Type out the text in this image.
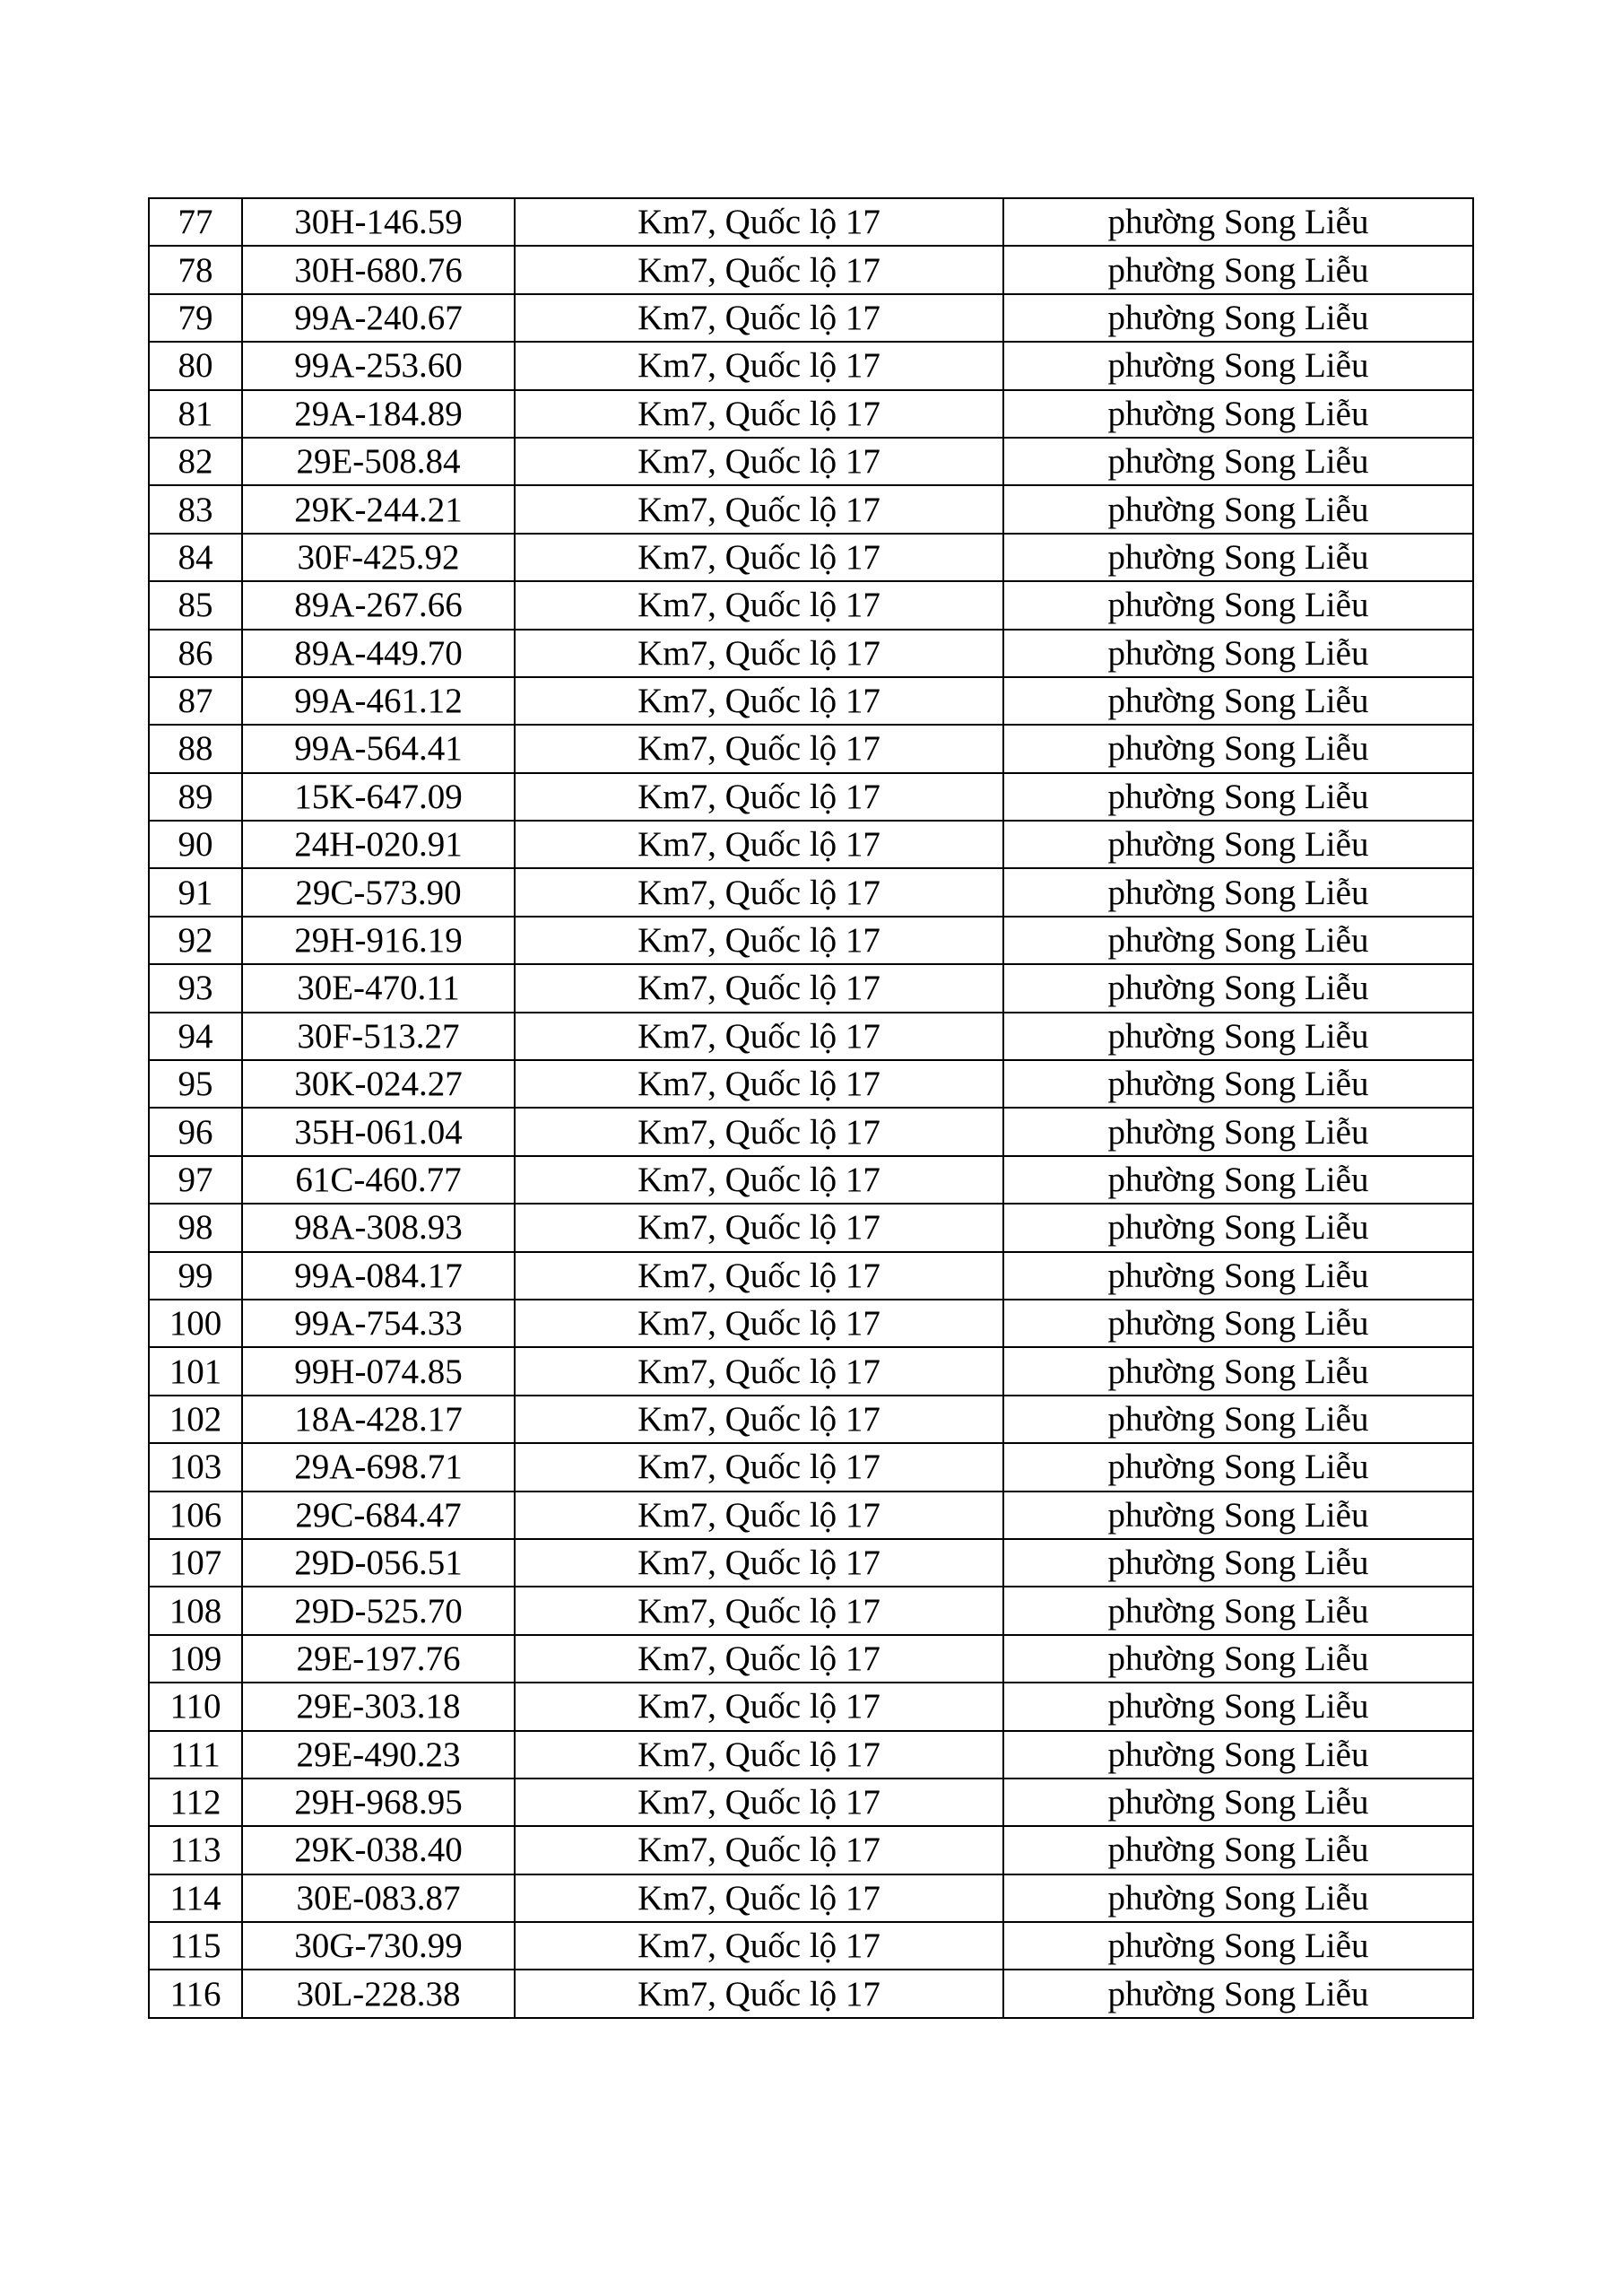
77	30H-146.59	Km7, Quốc lộ 17	phường Song Liễu
78	30H-680.76	Km7, Quốc lộ 17	phường Song Liễu
79	99A-240.67	Km7, Quốc lộ 17	phường Song Liễu
80	99A-253.60	Km7, Quốc lộ 17	phường Song Liễu
81	29A-184.89	Km7, Quốc lộ 17	phường Song Liễu
82	29E-508.84	Km7, Quốc lộ 17	phường Song Liễu
83	29K-244.21	Km7, Quốc lộ 17	phường Song Liễu
84	30F-425.92	Km7, Quốc lộ 17	phường Song Liễu
85	89A-267.66	Km7, Quốc lộ 17	phường Song Liễu
86	89A-449.70	Km7, Quốc lộ 17	phường Song Liễu
87	99A-461.12	Km7, Quốc lộ 17	phường Song Liễu
88	99A-564.41	Km7, Quốc lộ 17	phường Song Liễu
89	15K-647.09	Km7, Quốc lộ 17	phường Song Liễu
90	24H-020.91	Km7, Quốc lộ 17	phường Song Liễu
91	29C-573.90	Km7, Quốc lộ 17	phường Song Liễu
92	29H-916.19	Km7, Quốc lộ 17	phường Song Liễu
93	30E-470.11	Km7, Quốc lộ 17	phường Song Liễu
94	30F-513.27	Km7, Quốc lộ 17	phường Song Liễu
95	30K-024.27	Km7, Quốc lộ 17	phường Song Liễu
96	35H-061.04	Km7, Quốc lộ 17	phường Song Liễu
97	61C-460.77	Km7, Quốc lộ 17	phường Song Liễu
98	98A-308.93	Km7, Quốc lộ 17	phường Song Liễu
99	99A-084.17	Km7, Quốc lộ 17	phường Song Liễu
100	99A-754.33	Km7, Quốc lộ 17	phường Song Liễu
101	99H-074.85	Km7, Quốc lộ 17	phường Song Liễu
102	18A-428.17	Km7, Quốc lộ 17	phường Song Liễu
103	29A-698.71	Km7, Quốc lộ 17	phường Song Liễu
106	29C-684.47	Km7, Quốc lộ 17	phường Song Liễu
107	29D-056.51	Km7, Quốc lộ 17	phường Song Liễu
108	29D-525.70	Km7, Quốc lộ 17	phường Song Liễu
109	29E-197.76	Km7, Quốc lộ 17	phường Song Liễu
110	29E-303.18	Km7, Quốc lộ 17	phường Song Liễu
111	29E-490.23	Km7, Quốc lộ 17	phường Song Liễu
112	29H-968.95	Km7, Quốc lộ 17	phường Song Liễu
113	29K-038.40	Km7, Quốc lộ 17	phường Song Liễu
114	30E-083.87	Km7, Quốc lộ 17	phường Song Liễu
115	30G-730.99	Km7, Quốc lộ 17	phường Song Liễu
116	30L-228.38	Km7, Quốc lộ 17	phường Song Liễu
